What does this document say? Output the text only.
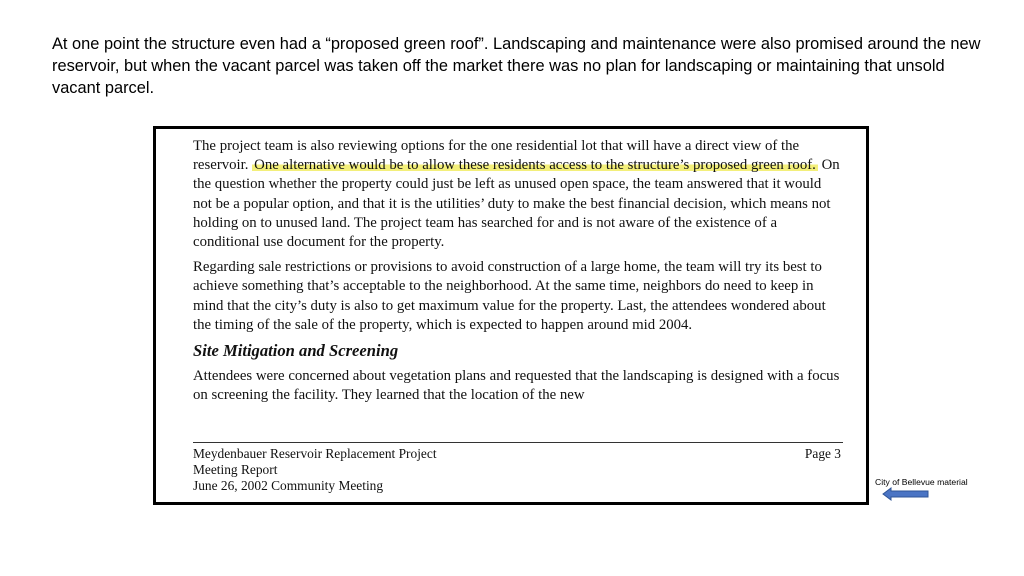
At one point the structure even had a “proposed green roof”. Landscaping and maintenance were also promised around the new reservoir, but when the vacant parcel was taken off the market there was no plan for landscaping or maintaining that unsold vacant parcel.

The project team is also reviewing options for the one residential lot that will have a direct view of the reservoir. One alternative would be to allow these residents access to the structure’s proposed green roof. On the question whether the property could just be left as unused open space, the team answered that it would not be a popular option, and that it is the utilities’ duty to make the best financial decision, which means not holding on to unused land. The project team has searched for and is not aware of the existence of a conditional use document for the property.

Regarding sale restrictions or provisions to avoid construction of a large home, the team will try its best to achieve something that’s acceptable to the neighborhood. At the same time, neighbors do need to keep in mind that the city’s duty is also to get maximum value for the property. Last, the attendees wondered about the timing of the sale of the property, which is expected to happen around mid 2004.

Site Mitigation and Screening

Attendees were concerned about vegetation plans and requested that the landscaping is designed with a focus on screening the facility. They learned that the location of the new

Meydenbauer Reservoir Replacement Project
Meeting Report
June 26, 2002 Community Meeting
Page 3
City of Bellevue material
